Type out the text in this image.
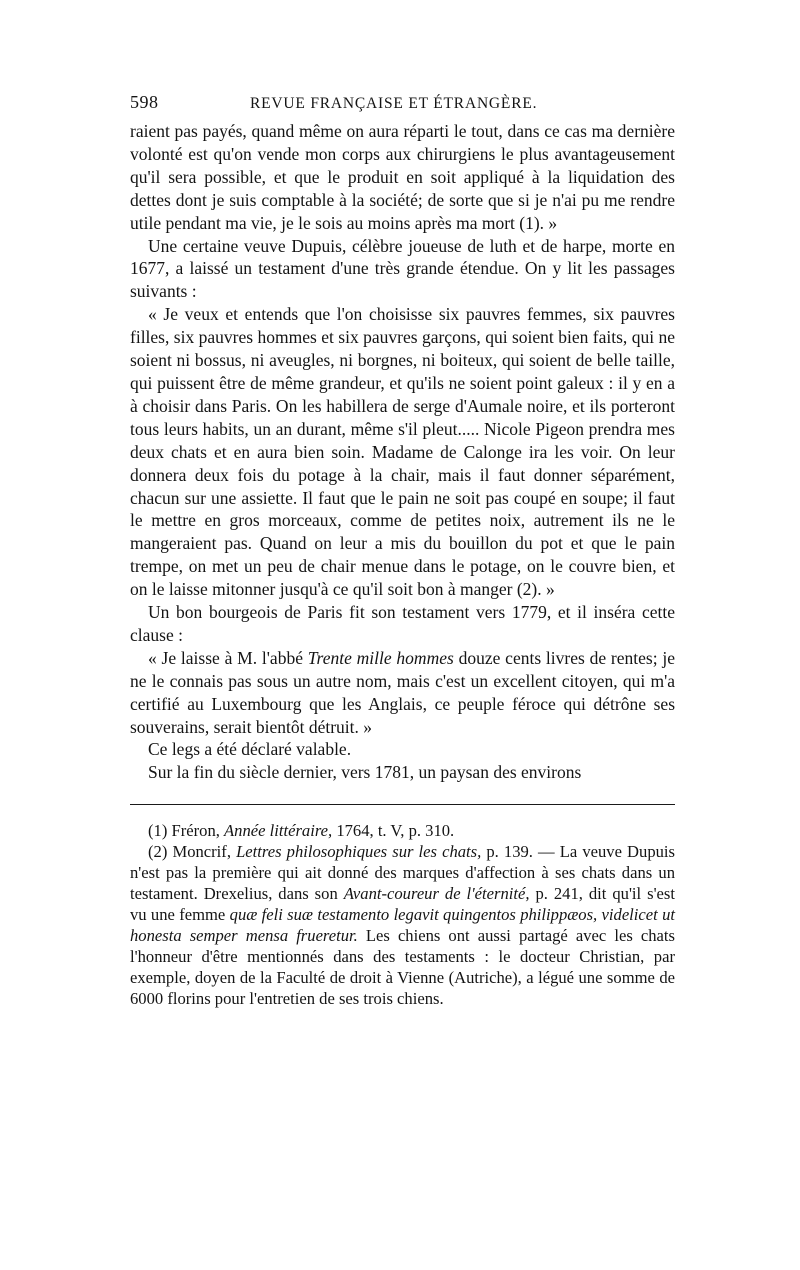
598	REVUE FRANÇAISE ET ÉTRANGÈRE.

raient pas payés, quand même on aura réparti le tout, dans ce cas ma dernière volonté est qu'on vende mon corps aux chirurgiens le plus avantageusement qu'il sera possible, et que le produit en soit appliqué à la liquidation des dettes dont je suis comptable à la société; de sorte que si je n'ai pu me rendre utile pendant ma vie, je le sois au moins après ma mort (1). »

Une certaine veuve Dupuis, célèbre joueuse de luth et de harpe, morte en 1677, a laissé un testament d'une très grande étendue. On y lit les passages suivants :

« Je veux et entends que l'on choisisse six pauvres femmes, six pauvres filles, six pauvres hommes et six pauvres garçons, qui soient bien faits, qui ne soient ni bossus, ni aveugles, ni borgnes, ni boiteux, qui soient de belle taille, qui puissent être de même grandeur, et qu'ils ne soient point galeux : il y en a à choisir dans Paris. On les habillera de serge d'Aumale noire, et ils porteront tous leurs habits, un an durant, même s'il pleut..... Nicole Pigeon prendra mes deux chats et en aura bien soin. Madame de Calonge ira les voir. On leur donnera deux fois du potage à la chair, mais il faut donner séparément, chacun sur une assiette. Il faut que le pain ne soit pas coupé en soupe; il faut le mettre en gros morceaux, comme de petites noix, autrement ils ne le mangeraient pas. Quand on leur a mis du bouillon du pot et que le pain trempe, on met un peu de chair menue dans le potage, on le couvre bien, et on le laisse mitonner jusqu'à ce qu'il soit bon à manger (2). »

Un bon bourgeois de Paris fit son testament vers 1779, et il inséra cette clause :

« Je laisse à M. l'abbé Trente mille hommes douze cents livres de rentes; je ne le connais pas sous un autre nom, mais c'est un excellent citoyen, qui m'a certifié au Luxembourg que les Anglais, ce peuple féroce qui détrône ses souverains, serait bientôt détruit. »

Ce legs a été déclaré valable.

Sur la fin du siècle dernier, vers 1781, un paysan des environs

(1) Fréron, Année littéraire, 1764, t. V, p. 310.

(2) Moncrif, Lettres philosophiques sur les chats, p. 139. — La veuve Dupuis n'est pas la première qui ait donné des marques d'affection à ses chats dans un testament. Drexelius, dans son Avant-coureur de l'éternité, p. 241, dit qu'il s'est vu une femme quæ feli suæ testamento legavit quingentos philippæos, videlicet ut honesta semper mensa frueretur. Les chiens ont aussi partagé avec les chats l'honneur d'être mentionnés dans des testaments : le docteur Christian, par exemple, doyen de la Faculté de droit à Vienne (Autriche), a légué une somme de 6000 florins pour l'entretien de ses trois chiens.
